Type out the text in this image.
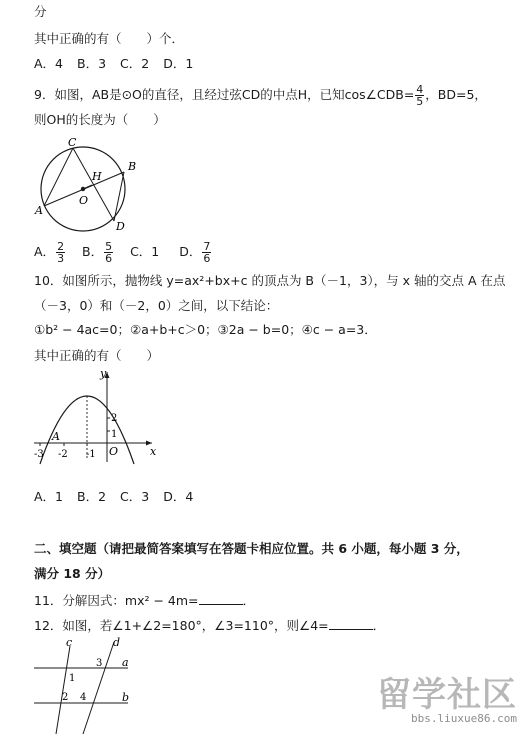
分
其中正确的有（　　）个．
A．4 B．3 C．2 D．1
9．如图，AB是⊙O的直径，且经过弦CD的中点H，已知cos∠CDB= $\frac{4}{5}$ ，BD=5，
则OH的长度为（　　）
C
B
H
O
A
D
A． $\frac{2}{3}$ B． $\frac{5}{6}$ C．1 D． $\frac{7}{6}$
10．如图所示，抛物线 y=ax²+bx+c 的顶点为 B（－1，3），与 x 轴的交点 A 在点
（－3，0）和（－2，0）之间，以下结论：
①b² − 4ac=0；②a+b+c＞0；③2a − b=0；④c − a=3．
其中正确的有（　　）
y
x
A
O
-3 -2 -1
2
1
A．1 B．2 C．3 D．4
二、填空题（请把最简答案填写在答题卡相应位置。共 6 小题，每小题 3 分，
满分 18 分）
11．分解因式：mx² − 4m=	．
12．如图，若∠1+∠2=180°，∠3=110°，则∠4=	．
c	d
a
b
1
2
3
4	留学社区
bbs.liuxue86.com
